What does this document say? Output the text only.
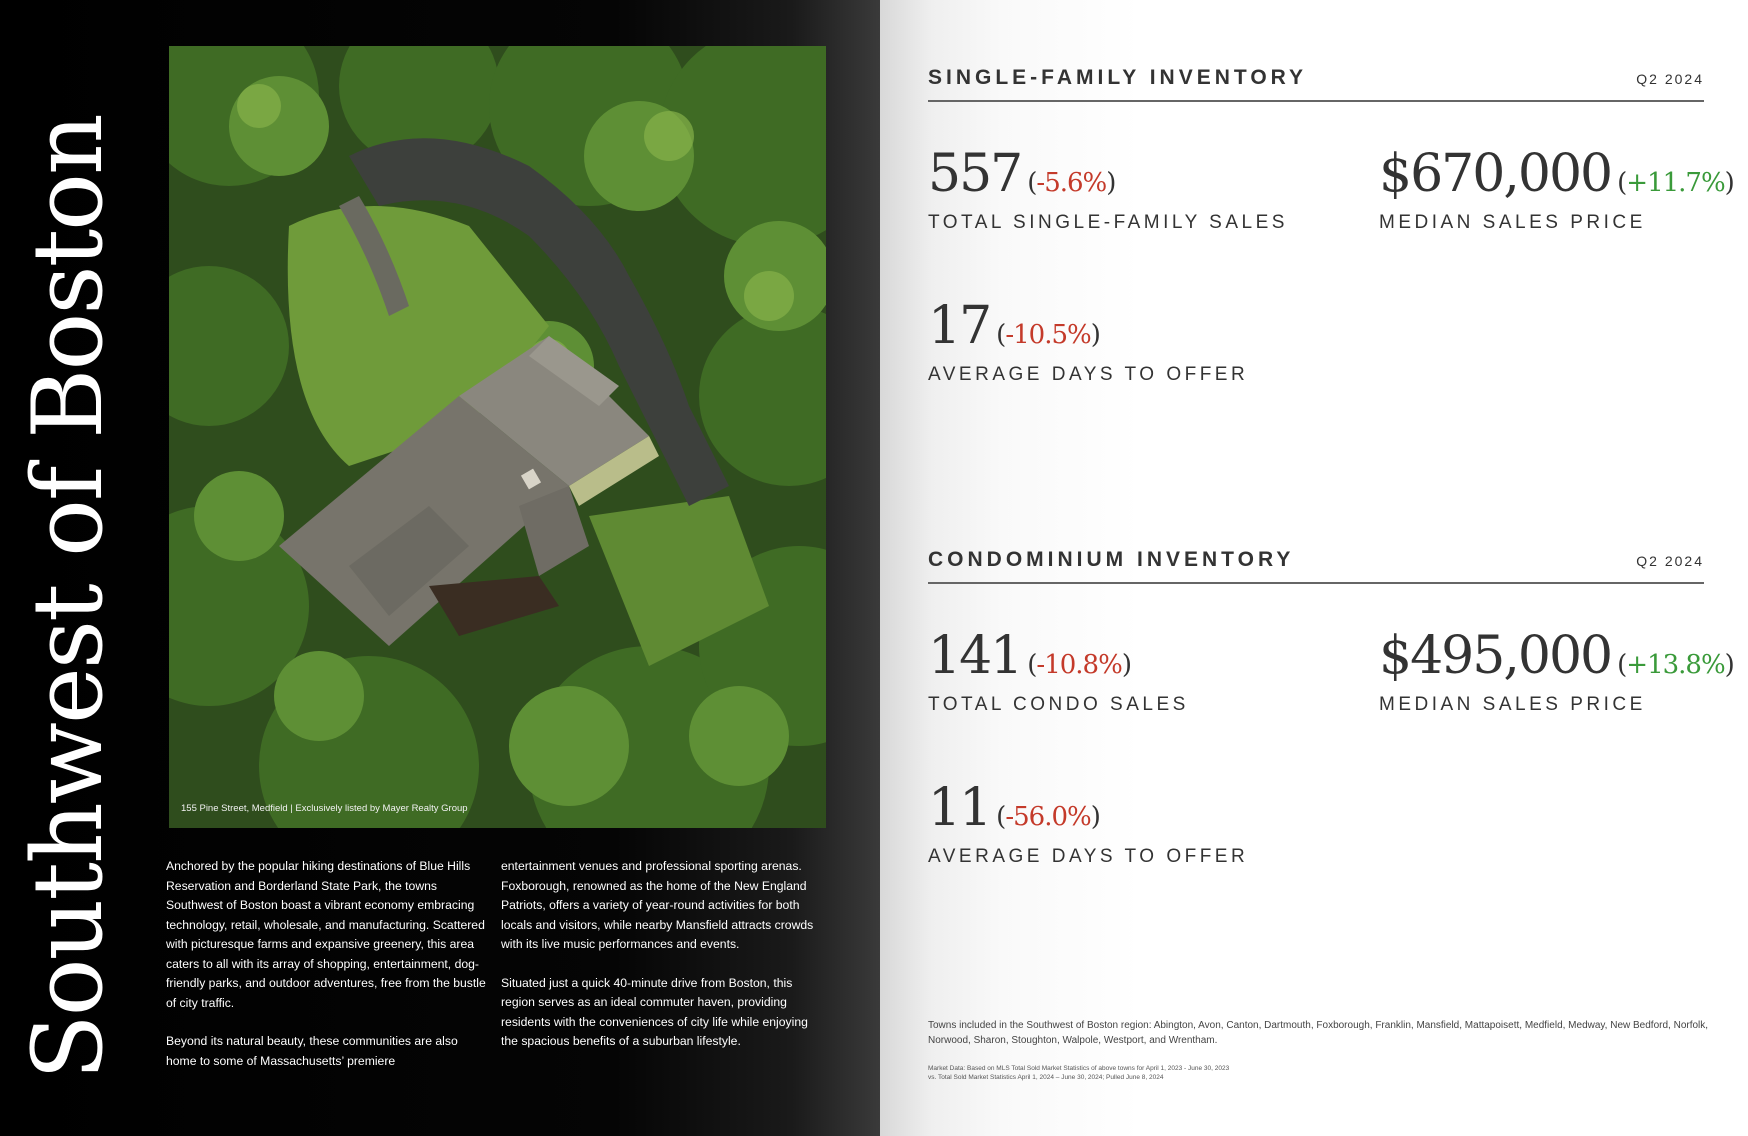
Southwest of Boston	155 Pine Street, Medfield | Exclusively listed by Mayer Realty Group

Anchored by the popular hiking destinations of Blue Hills Reservation and Borderland State Park, the towns Southwest of Boston boast a vibrant economy embracing technology, retail, wholesale, and manufacturing. Scattered with picturesque farms and expansive greenery, this area caters to all with its array of shopping, entertainment, dog-friendly parks, and outdoor adventures, free from the bustle of city traffic.

Beyond its natural beauty, these communities are also home to some of Massachusetts’ premiere

entertainment venues and professional sporting arenas. Foxborough, renowned as the home of the New England Patriots, offers a variety of year-round activities for both locals and visitors, while nearby Mansfield attracts crowds with its live music performances and events.

Situated just a quick 40-minute drive from Boston, this region serves as an ideal commuter haven, providing residents with the conveniences of city life while enjoying the spacious benefits of a suburban lifestyle.

SINGLE-FAMILY INVENTORY	Q2 2024
557 (-5.6%)
TOTAL SINGLE-FAMILY SALES
$670,000 (+11.7%)
MEDIAN SALES PRICE
17 (-10.5%)
AVERAGE DAYS TO OFFER
CONDOMINIUM INVENTORY	Q2 2024
141 (-10.8%)
TOTAL CONDO SALES
$495,000 (+13.8%)
MEDIAN SALES PRICE
11 (-56.0%)
AVERAGE DAYS TO OFFER
Towns included in the Southwest of Boston region: Abington, Avon, Canton, Dartmouth, Foxborough, Franklin, Mansfield, Mattapoisett, Medfield, Medway, New Bedford, Norfolk, Norwood, Sharon, Stoughton, Walpole, Westport, and Wrentham.
Market Data: Based on MLS Total Sold Market Statistics of above towns for April 1, 2023 - June 30, 2023
vs. Total Sold Market Statistics April 1, 2024 – June 30, 2024; Pulled June 8, 2024
